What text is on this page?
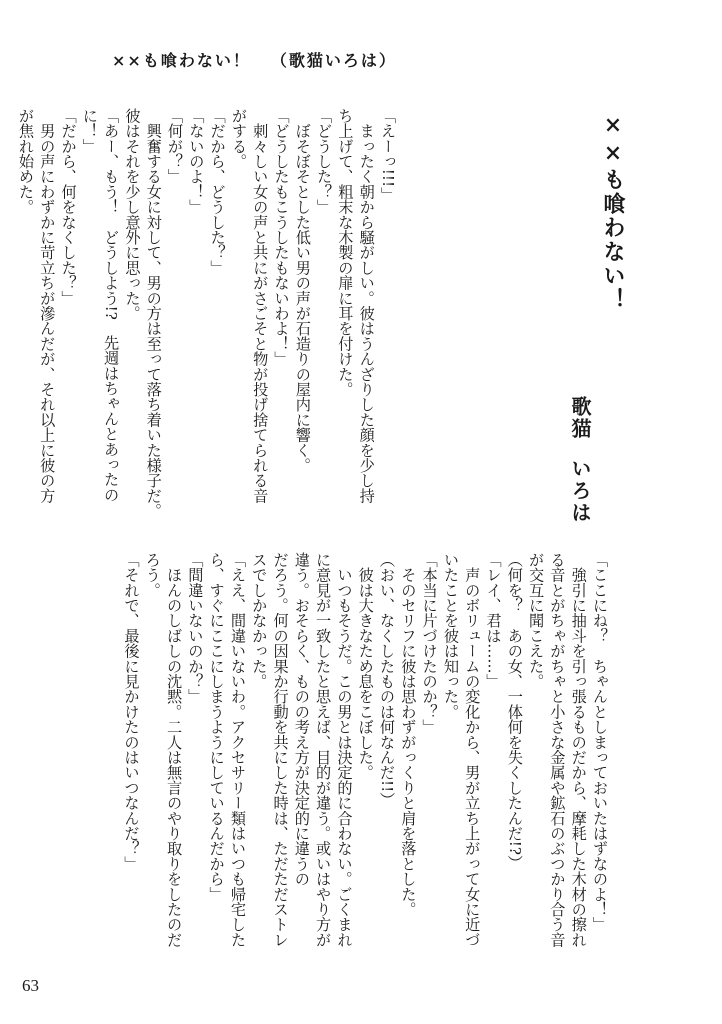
××も喰わない！ （歌猫いろは）
××も喰わない！
歌猫いろは
「えーっ!!!」
　まったく朝から騒がしい。彼はうんざりした顔を少し持
ち上げて、粗末な木製の扉に耳を付けた。
「どうした？」
　ぼそぼそとした低い男の声が石造りの屋内に響く。
「どうしたもこうしたもないわよ！」
　刺々しい女の声と共にがさごそと物が投げ捨てられる音
がする。
「だから、どうした？」
「ないのよ！」
「何が？」
　興奮する女に対して、男の方は至って落ち着いた様子だ。
彼はそれを少し意外に思った。
「あー、もう！　どうしよう!?　先週はちゃんとあったの
に！」
「だから、何をなくした？」
　男の声にわずかに苛立ちが滲んだが、それ以上に彼の方
が焦れ始めた。
「ここにね？　ちゃんとしまっておいたはずなのよ！」
　強引に抽斗を引っ張るものだから、摩耗した木材の擦れ
る音とがちゃがちゃと小さな金属や鉱石のぶつかり合う音
が交互に聞こえた。
（何を？　あの女、一体何を失くしたんだ!?）
「レイ、君は……」
　声のボリュームの変化から、男が立ち上がって女に近づ
いたことを彼は知った。
「本当に片づけたのか？」
　そのセリフに彼は思わずがっくりと肩を落とした。
（おい、なくしたものは何なんだ!!）
　彼は大きなため息をこぼした。
　いつもそうだ。この男とは決定的に合わない。ごくまれ
に意見が一致したと思えば、目的が違う。或いはやり方が
違う。おそらく、ものの考え方が決定的に違うの
だろう。何の因果か行動を共にした時は、ただただストレ
スでしかなかった。
「ええ、間違いないわ。アクセサリー類はいつも帰宅した
ら、すぐにここにしまうようにしているんだから」
「間違いないのか？」
　ほんのしばしの沈黙。二人は無言のやり取りをしたのだ
ろう。
「それで、最後に見かけたのはいつなんだ？」
63
